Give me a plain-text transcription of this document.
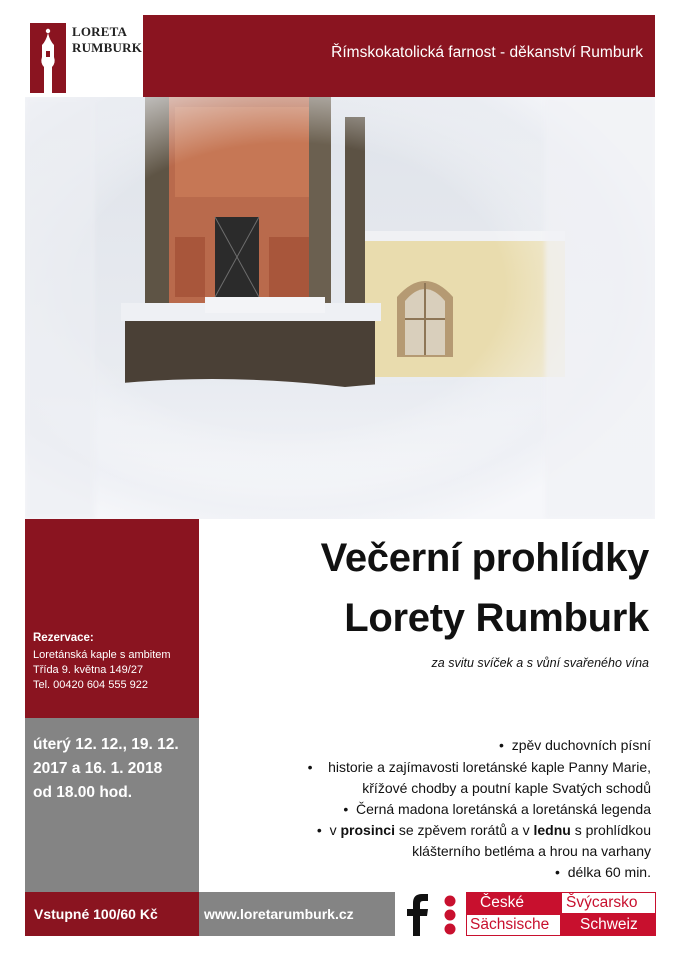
LORETA
RUMBURK	Římskokatolická farnost - děkanství Rumburk
Rezervace:
Loretánská kaple s ambitem
Třída 9. května 149/27
Tel. 00420 604 555 922
úterý 12. 12., 19. 12.
2017 a 16. 1. 2018
od 18.00 hod.
Večerní prohlídky
Lorety Rumburk
za svitu svíček a s vůní svařeného vína
•  zpěv duchovních písní
•    historie a zajímavosti loretánské kaple Panny Marie,
křížové chodby a poutní kaple Svatých schodů
•  Černá madona loretánská a loretánská legenda
•  v prosinci se zpěvem rorátů a v lednu s prohlídkou
klášterního betléma a hrou na varhany
•  délka 60 min.
Vstupné 100/60 Kč	www.loretarumburk.cz
České	Švýcarsko
Sächsische Schweiz
